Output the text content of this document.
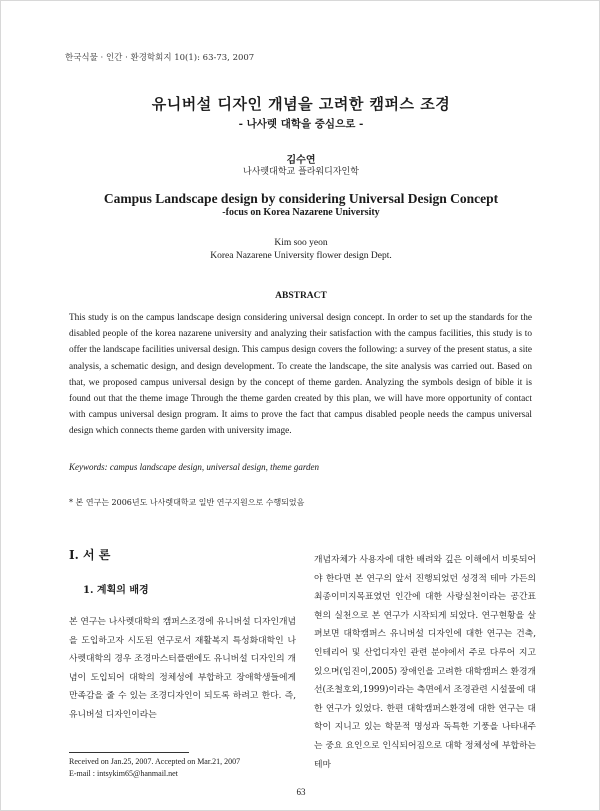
한국식물 · 인간 · 환경학회지 10(1): 63-73, 2007
유니버설 디자인 개념을 고려한 캠퍼스 조경
- 나사렛 대학을 중심으로 -
김수연
나사렛대학교 플라워디자인학
Campus Landscape design by considering Universal Design Concept
-focus on Korea Nazarene University
Kim soo yeon
Korea Nazarene University flower design Dept.
ABSTRACT

This study is on the campus landscape design considering universal design concept. In order to set up the standards for the disabled people of the korea nazarene university and analyzing their satisfaction with the campus facilities, this study is to offer the landscape facilities universal design. This campus design covers the following: a survey of the present status, a site analysis, a schematic design, and design development. To create the landscape, the site analysis was carried out. Based on that, we proposed campus universal design by the concept of theme garden. Analyzing the symbols design of bible it is found out that the theme image Through the theme garden created by this plan, we will have more opportunity of contact with campus universal design program. It aims to prove the fact that campus disabled people needs the campus universal design which connects theme garden with university image.

Keywords: campus landscape design, universal design, theme garden
* 본 연구는 2006년도 나사렛대학교 일반 연구지원으로 수행되었음
I. 서 론
1. 계획의 배경

본 연구는 나사렛대학의 캠퍼스조경에 유니버설 디자인개념을 도입하고자 시도된 연구로서 재활복지 특성화대학인 나사렛대학의 경우 조경마스터플랜에도 유니버설 디자인의 개념이 도입되어 대학의 정체성에 부합하고 장애학생들에게 만족감을 줄 수 있는 조경디자인이 되도록 하려고 한다. 즉, 유니버설 디자인이라는

개념자체가 사용자에 대한 배려와 깊은 이해에서 비롯되어야 한다면 본 연구의 앞서 진행되었던 성경적 테마 가든의 최종이미지목표였던 인간에 대한 사랑실천이라는 공간표현의 실천으로 본 연구가 시작되게 되었다. 연구현황을 살펴보면 대학캠퍼스 유니버설 디자인에 대한 연구는 건축,인테리어 및 산업디자인 관련 분야에서 주로 다루어 지고 있으며(임진이,2005) 장애인을 고려한 대학캠퍼스 환경개선(조철호외,1999)이라는 측면에서 조경관련 시설물에 대한 연구가 있었다. 한편 대학캠퍼스환경에 대한 연구는 대학이 지니고 있는 학문적 명성과 독특한 기풍을 나타내주는 중요 요인으로 인식되어짐으로 대학 정체성에 부합하는 테마

Received on Jan.25, 2007. Accepted on Mar.21, 2007
E-mail : intsykim65@hanmail.net
63
